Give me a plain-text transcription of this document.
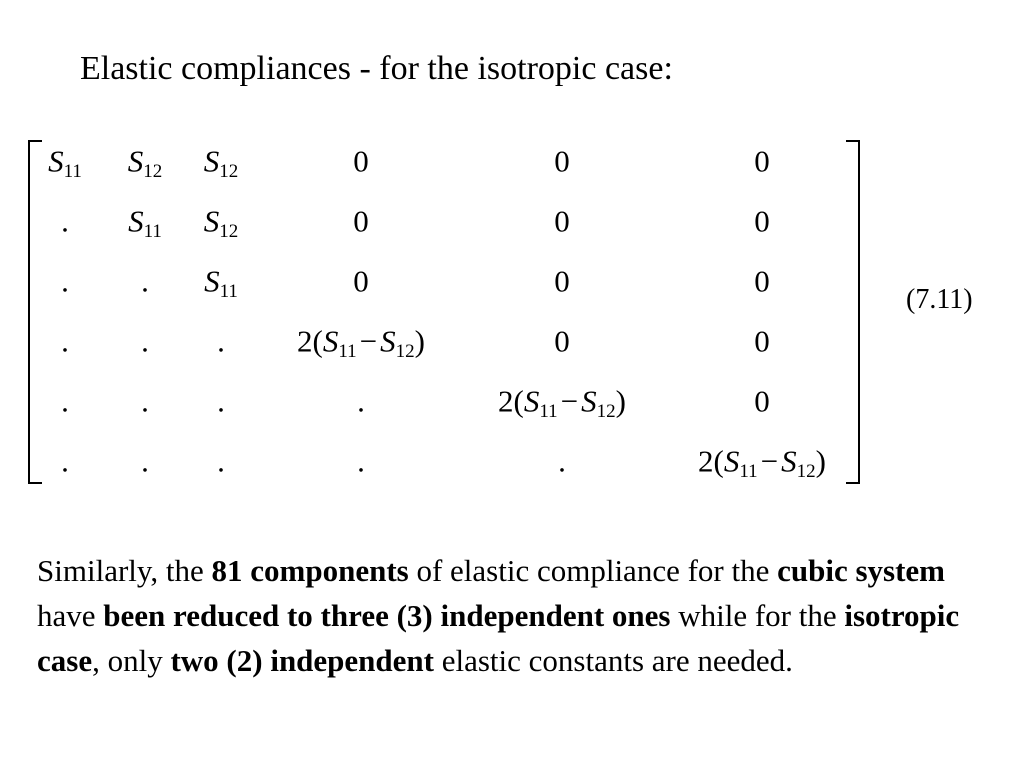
Elastic compliances - for the isotropic case:
$S_{11}$ $S_{12}$ $S_{12}$	0	0	0
. $S_{11}$ $S_{12}$	0	0	0
. . $S_{11}$	0	0	0
. . . $2(S_{11}-S_{12})$	0	0
. . .	.	$2(S_{11}-S_{12})$	0
. . .	.	.	$2(S_{11}-S_{12})$
(7.11)
Similarly, the 81 components of elastic compliance for the cubic system have been reduced to three (3) independent ones while for the isotropic case, only two (2) independent elastic constants are needed.
